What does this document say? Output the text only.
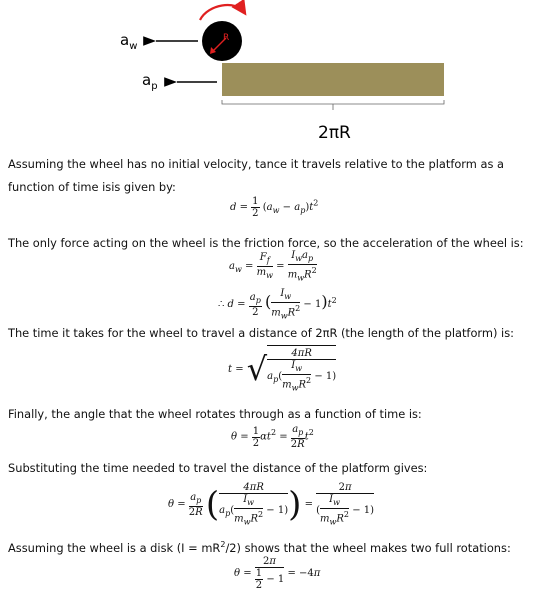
$a_w$
R
$a_p$
2πR
Assuming the wheel has no initial velocity, tance it travels relative to the platform as a
function of time isis given by:
The only force acting on the wheel is the friction force, so the acceleration of the wheel is:
The time it takes for the wheel to travel a distance of 2πR (the length of the platform) is:
Finally, the angle that the wheel rotates through as a function of time is:
Substituting the time needed to travel the distance of the platform gives:
Assuming the wheel is a disk $(I = mR^2/2)$ shows that the wheel makes two full rotations:
$d = \frac{1}{2} (a_w - a_p)t^2$
$a_w = \frac{F_f}{m_w} = \frac{I_wa_p}{m_wR^2}$
∴ $d = \frac{a_p}{2}$ ( $\frac{I_w}{m_wR^2} - 1)t^2$
t = √ $\frac{4\pi R}{a_p( \frac{I_w}{m_wR^2} - 1)}$
$\theta = \frac{1}{2} \alpha t^2 = \frac{a_p}{2R} t^2$
$\theta = \frac{a_p}{2R}$ ( $\frac{4\pi R}{a_p( \frac{I_w}{m_wR^2} - 1)}$ ) = $\frac{2\pi}{( \frac{I_w}{m_wR^2} - 1)}$
$\theta = \frac{2\pi}{\frac{1}{2} - 1} = -4\pi$
